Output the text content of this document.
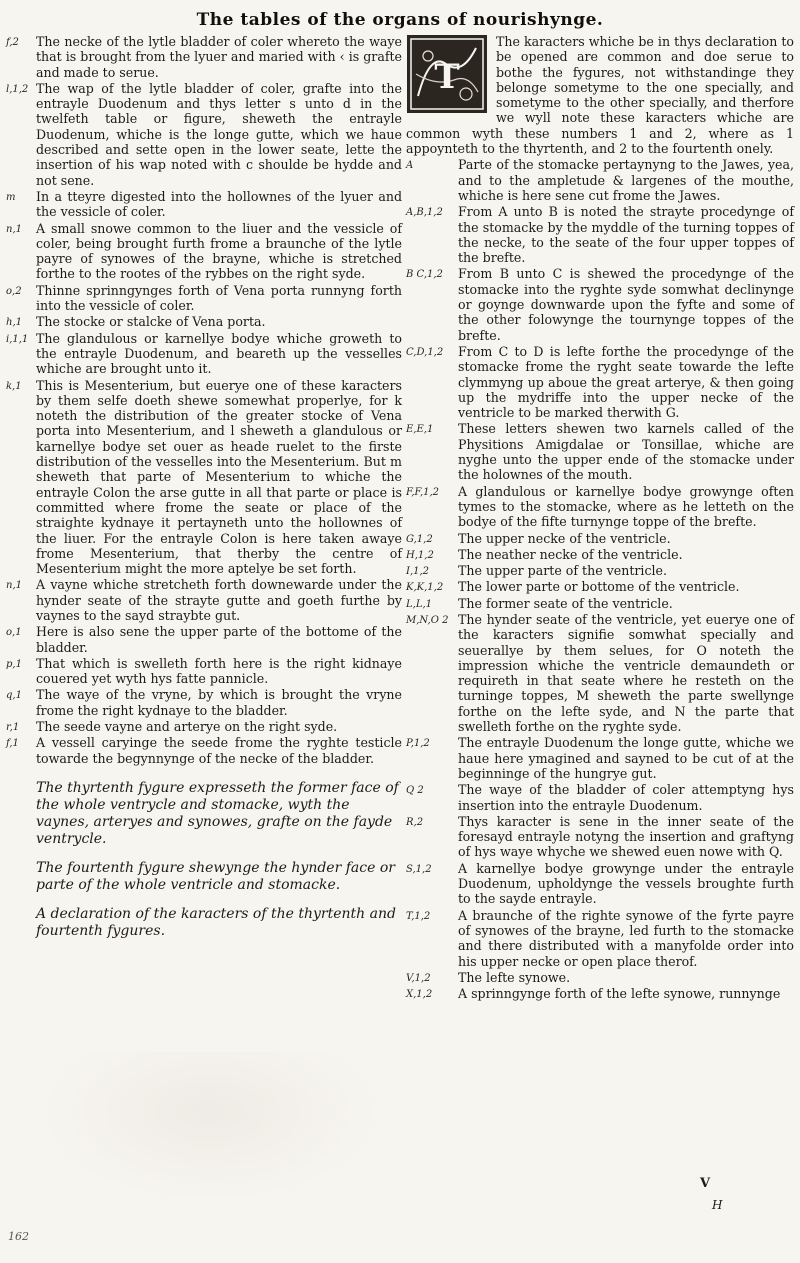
The tables of the organs of nourishynge.
f,2	The necke of the lytle bladder of coler whereto the waye that is brought from the lyuer and maried with ‹ is grafte and made to serue.
l,1,2 The wap of the lytle bladder of coler, grafte into the entrayle Duodenum and thys letter s unto d in the twelfeth table or figure, sheweth the entrayle Duodenum, whiche is the longe gutte, which we haue described and sette open in the lower seate, lette the insertion of his wap noted with c shoulde be hydde and not sene.
m	In a tteyre digested into the hollownes of the lyuer and the vessicle of coler.
n,1	A small snowe common to the liuer and the vessicle of coler, being brought furth frome a braunche of the lytle payre of synowes of the brayne, whiche is stretched forthe to the rootes of the rybbes on the right syde.
o,2	Thinne sprinngynges forth of Vena porta runnyng forth into the vessicle of coler.
h,1	The stocke or stalcke of Vena porta.
i,1,1 The glandulous or karnellye bodye whiche groweth to the entrayle Duodenum, and beareth up the vesselles whiche are brought unto it.
k,1	This is Mesenterium, but euerye one of these karacters by them selfe doeth shewe somewhat properlye, for k noteth the distribution of the greater stocke of Vena porta into Mesenterium, and l sheweth a glandulous or karnellye bodye set ouer as heade ruelet to the firste distribution of the vesselles into the Mesenterium. But m sheweth that parte of Mesenterium to whiche the entrayle Colon the arse gutte in all that parte or place is committed where frome the seate or place of the straighte kydnaye it pertayneth unto the hollownes of the liuer. For the entrayle Colon is here taken awaye frome Mesenterium, that therby the centre of Mesenterium might the more aptelye be set forth.
n,1	A vayne whiche stretcheth forth downewarde under the hynder seate of the strayte gutte and goeth furthe by vaynes to the sayd straybte gut.
o,1	Here is also sene the upper parte of the bottome of the bladder.
p,1	That which is swelleth forth here is the right kidnaye couered yet wyth hys fatte pannicle.
q,1	The waye of the vryne, by which is brought the vryne frome the right kydnaye to the bladder.
r,1	The seede vayne and arterye on the right syde.
f,1	A vessell caryinge the seede frome the ryghte testicle towarde the begynnynge of the necke of the bladder.
The thyrtenth fygure expresseth the former face of the whole ventrycle and stomacke, wyth the vaynes, arteryes and synowes, grafte on the fayde ventrycle.
The fourtenth fygure shewynge the hynder face or parte of the whole ventricle and stomacke.
A declaration of the karacters of the thyrtenth and fourtenth fygures.
T
The karacters whiche be in thys declaration to be opened are common and doe serue to bothe the fygures, not withstandinge they belonge sometyme to the one specially, and sometyme to the other specially, and therfore we wyll note these karacters whiche are common wyth these numbers 1 and 2, where as 1 appoynteth to the thyrtenth, and 2 to the fourtenth onely.
A	Parte of the stomacke pertaynyng to the Jawes, yea, and to the ampletude & largenes of the mouthe, whiche is here sene cut frome the Jawes.
A,B,1,2	From A unto B is noted the strayte procedynge of the stomacke by the myddle of the turning toppes of the necke, to the seate of the four upper toppes of the brefte.
B C,1,2	From B unto C is shewed the procedynge of the stomacke into the ryghte syde somwhat declinynge or goynge downwarde upon the fyfte and some of the other folowynge the tournynge toppes of the brefte.
C,D,1,2	From C to D is lefte forthe the procedynge of the stomacke frome the ryght seate towarde the lefte clymmyng up aboue the great arterye, & then going up the mydriffe into the upper necke of the ventricle to be marked therwith G.
E,E,1	These letters shewen two karnels called of the Physitions Amigdalae or Tonsillae, whiche are nyghe unto the upper ende of the stomacke under the holownes of the mouth.
F,F,1,2	A glandulous or karnellye bodye growynge often tymes to the stomacke, where as he letteth on the bodye of the fifte turnynge toppe of the brefte.
G,1,2	The upper necke of the ventricle.
H,1,2	The neather necke of the ventricle.
I,1,2	The upper parte of the ventricle.
K,K,1,2	The lower parte or bottome of the ventricle.
L,L,1	The former seate of the ventricle.
M,N,O 2 The hynder seate of the ventricle, yet euerye one of the karacters signifie somwhat specially and seuerallye by them selues, for O noteth the impression whiche the ventricle demaundeth or requireth in that seate where he resteth on the turninge toppes, M sheweth the parte swellynge forthe on the lefte syde, and N the parte that swelleth forthe on the ryghte syde.
P,1,2	The entrayle Duodenum the longe gutte, whiche we haue here ymagined and sayned to be cut of at the beginninge of the hungrye gut.
Q 2	The waye of the bladder of coler attemptyng hys insertion into the entrayle Duodenum.
R,2	Thys karacter is sene in the inner seate of the foresayd entrayle notyng the insertion and graftyng of hys waye whyche we shewed euen nowe with Q.
S,1,2	A karnellye bodye growynge under the entrayle Duodenum, upholdynge the vessels broughte furth to the sayde entrayle.
T,1,2	A braunche of the righte synowe of the fyrte payre of synowes of the brayne, led furth to the stomacke and there distributed with a manyfolde order into his upper necke or open place therof.
V,1,2	The lefte synowe.
X,1,2	A sprinngynge forth of the lefte synowe, runnynge
V
H
162
